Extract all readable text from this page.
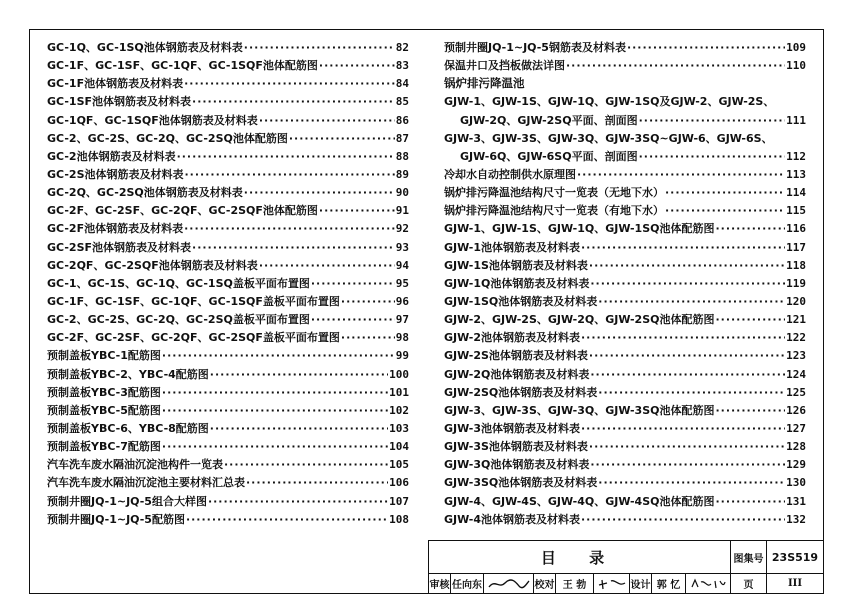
GC-1Q、GC-1SQ池体钢筋表及材料表 ·····	82
GC-1F、GC-1SF、GC-1QF、GC-1SQF池体配筋图 ·····	83
GC-1F池体钢筋表及材料表 ·····	84
GC-1SF池体钢筋表及材料表 ·····	85
GC-1QF、GC-1SQF池体钢筋表及材料表 ·····	86
GC-2、GC-2S、GC-2Q、GC-2SQ池体配筋图 ·····	87
GC-2池体钢筋表及材料表 ·····	88
GC-2S池体钢筋表及材料表 ·····	89
GC-2Q、GC-2SQ池体钢筋表及材料表 ·····	90
GC-2F、GC-2SF、GC-2QF、GC-2SQF池体配筋图 ·····	91
GC-2F池体钢筋表及材料表 ·····	92
GC-2SF池体钢筋表及材料表 ·····	93
GC-2QF、GC-2SQF池体钢筋表及材料表 ·····	94
GC-1、GC-1S、GC-1Q、GC-1SQ盖板平面布置图 ·····	95
GC-1F、GC-1SF、GC-1QF、GC-1SQF盖板平面布置图 ·····	96
GC-2、GC-2S、GC-2Q、GC-2SQ盖板平面布置图 ·····	97
GC-2F、GC-2SF、GC-2QF、GC-2SQF盖板平面布置图 ·····	98
预制盖板YBC-1配筋图 ·····	99
预制盖板YBC-2、YBC-4配筋图 ·····	100
预制盖板YBC-3配筋图 ·····	101
预制盖板YBC-5配筋图 ·····	102
预制盖板YBC-6、YBC-8配筋图 ·····	103
预制盖板YBC-7配筋图 ·····	104
汽车洗车废水隔油沉淀池构件一览表 ·····	105
汽车洗车废水隔油沉淀池主要材料汇总表 ·····	106
预制井圈JQ-1~JQ-5组合大样图 ·····	107
预制井圈JQ-1~JQ-5配筋图 ·····	108
预制井圈JQ-1~JQ-5钢筋表及材料表 ·····	109
保温井口及挡板做法详图 ·····	110
锅炉排污降温池
GJW-1、GJW-1S、GJW-1Q、GJW-1SQ及GJW-2、GJW-2S、
GJW-2Q、GJW-2SQ平面、剖面图 ·····	111
GJW-3、GJW-3S、GJW-3Q、GJW-3SQ~GJW-6、GJW-6S、
GJW-6Q、GJW-6SQ平面、剖面图 ·····	112
冷却水自动控制供水原理图 ·····	113
锅炉排污降温池结构尺寸一览表（无地下水） ·····	114
锅炉排污降温池结构尺寸一览表（有地下水） ·····	115
GJW-1、GJW-1S、GJW-1Q、GJW-1SQ池体配筋图 ·····	116
GJW-1池体钢筋表及材料表 ·····	117
GJW-1S池体钢筋表及材料表 ·····	118
GJW-1Q池体钢筋表及材料表 ·····	119
GJW-1SQ池体钢筋表及材料表 ·····	120
GJW-2、GJW-2S、GJW-2Q、GJW-2SQ池体配筋图 ·····	121
GJW-2池体钢筋表及材料表 ·····	122
GJW-2S池体钢筋表及材料表 ·····	123
GJW-2Q池体钢筋表及材料表 ·····	124
GJW-2SQ池体钢筋表及材料表 ·····	125
GJW-3、GJW-3S、GJW-3Q、GJW-3SQ池体配筋图 ·····	126
GJW-3池体钢筋表及材料表 ·····	127
GJW-3S池体钢筋表及材料表 ·····	128
GJW-3Q池体钢筋表及材料表 ·····	129
GJW-3SQ池体钢筋表及材料表 ·····	130
GJW-4、GJW-4S、GJW-4Q、GJW-4SQ池体配筋图 ·····	131
GJW-4池体钢筋表及材料表 ·····	132
目 录	图集号 23S519
审核 任向东	校对 王 勃	设计 郭 忆	页	III
